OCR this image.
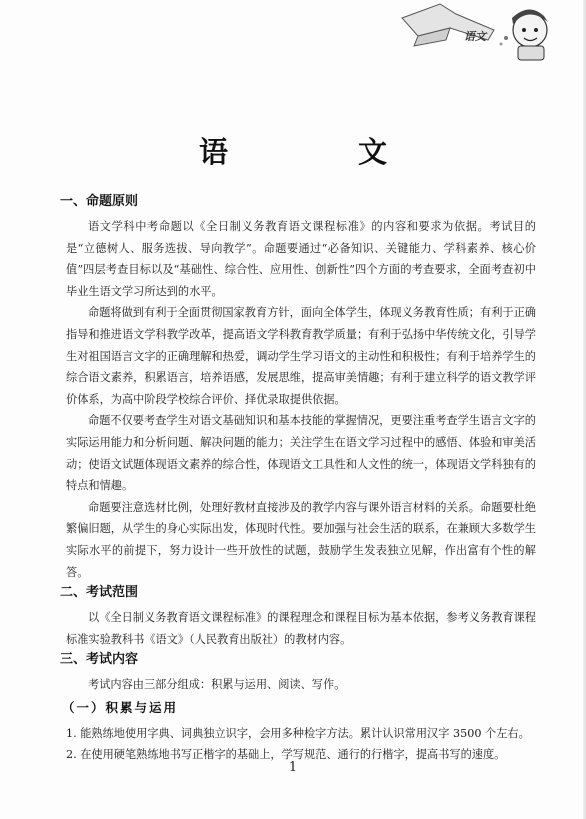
语文
语 文
一、命题原则

语文学科中考命题以《全日制义务教育语文课程标准》的内容和要求为依据。考试目的是“立德树人、服务选拔、导向教学”。命题要通过“必备知识、关键能力、学科素养、核心价值”四层考查目标以及“基础性、综合性、应用性、创新性”四个方面的考查要求，全面考查初中毕业生语文学习所达到的水平。

命题将做到有利于全面贯彻国家教育方针，面向全体学生，体现义务教育性质；有利于正确指导和推进语文学科教学改革，提高语文学科教育教学质量；有利于弘扬中华传统文化，引导学生对祖国语言文字的正确理解和热爱，调动学生学习语文的主动性和积极性；有利于培养学生的综合语文素养，积累语言，培养语感，发展思维，提高审美情趣；有利于建立科学的语文教学评价体系，为高中阶段学校综合评价、择优录取提供依据。

命题不仅要考查学生对语文基础知识和基本技能的掌握情况，更要注重考查学生语言文字的实际运用能力和分析问题、解决问题的能力；关注学生在语文学习过程中的感悟、体验和审美活动；使语文试题体现语文素养的综合性，体现语文工具性和人文性的统一，体现语文学科独有的特点和情趣。

命题要注意选材比例，处理好教材直接涉及的教学内容与课外语言材料的关系。命题要杜绝繁偏旧题，从学生的身心实际出发，体现时代性。要加强与社会生活的联系，在兼顾大多数学生实际水平的前提下，努力设计一些开放性的试题，鼓励学生发表独立见解，作出富有个性的解答。

二、考试范围

以《全日制义务教育语文课程标准》的课程理念和课程目标为基本依据，参考义务教育课程标准实验教科书《语文》（人民教育出版社）的教材内容。

三、考试内容

考试内容由三部分组成：积累与运用、阅读、写作。

（一）积累与运用

1. 能熟练地使用字典、词典独立识字，会用多种检字方法。累计认识常用汉字 3500 个左右。

2. 在使用硬笔熟练地书写正楷字的基础上，学写规范、通行的行楷字，提高书写的速度。

1
